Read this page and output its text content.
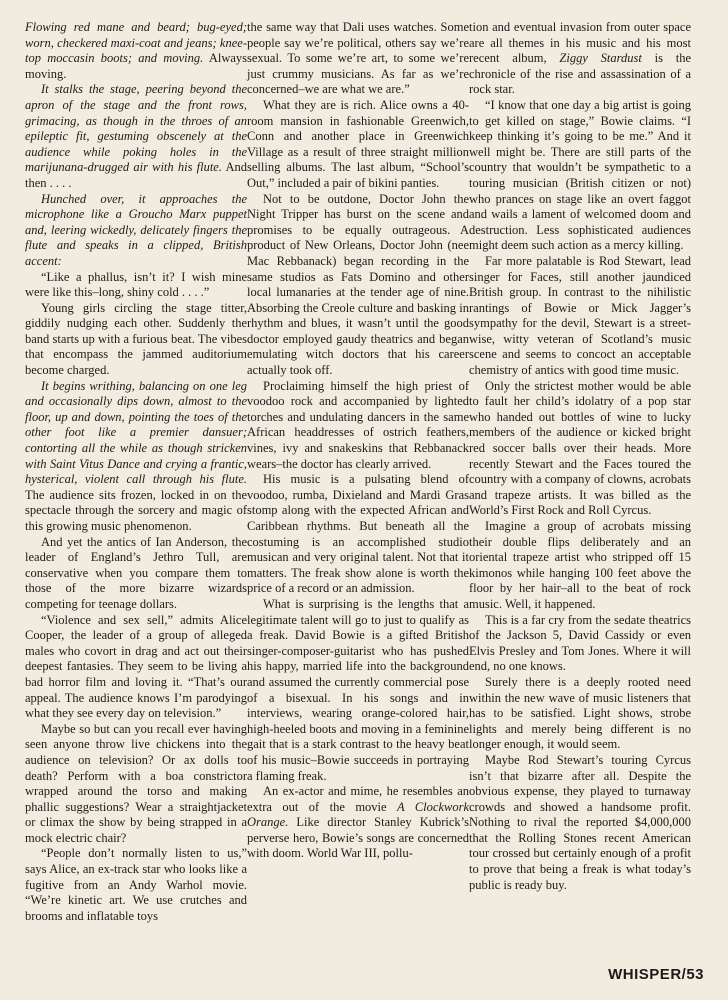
Flowing red mane and beard; bug-eyed; worn, checkered maxi-coat and jeans; knee-top moccasin boots; and moving. Always moving.

It stalks the stage, peering beyond the apron of the stage and the front rows, grimacing, as though in the throes of an epileptic fit, gestuming obscenely at the audience while poking holes in the marijunana-drugged air with his flute. And then . . . .

Hunched over, it approaches the microphone like a Groucho Marx puppet and, leering wickedly, delicately fingers the flute and speaks in a clipped, British accent:

“Like a phallus, isn’t it? I wish mine were like this–long, shiny cold . . . .”

Young girls circling the stage titter, giddily nudging each other. Suddenly the band starts up with a furious beat. The vibes that encompass the jammed auditorium become charged.

It begins writhing, balancing on one leg and occasionally dips down, almost to the floor, up and down, pointing the toes of the other foot like a premier dansuer; contorting all the while as though stricken with Saint Vitus Dance and crying a frantic, hysterical, violent call through his flute. The audience sits frozen, locked in on the spectacle through the sorcery and magic of this growing music phenomenon.

And yet the antics of Ian Anderson, the leader of England’s Jethro Tull, are conservative when you compare them to those of the more bizarre wizards competing for teenage dollars.

“Violence and sex sell,” admits Alice Cooper, the leader of a group of alleged males who covort in drag and act out their deepest fantasies. They seem to be living a bad horror film and loving it. “That’s our appeal. The audience knows I’m parodying what they see every day on television.”

Maybe so but can you recall ever having seen anyone throw live chickens into the audience on television? Or ax dolls to death? Perform with a boa constrictor wrapped around the torso and making phallic suggestions? Wear a straightjacket or climax the show by being strapped in a mock electric chair?

“People don’t normally listen to us,” says Alice, an ex-track star who looks like a fugitive from an Andy Warhol movie. “We’re kinetic art. We use crutches and brooms and inflatable toys

the same way that Dali uses watches. Some people say we’re political, others say we’re sexual. To some we’re art, to some we’re just crummy musicians. As far as we’re concerned–we are what we are.”

What they are is rich. Alice owns a 40-room mansion in fashionable Greenwich, Conn and another place in Greenwich Village as a result of three straight million selling albums. The last album, “School’s Out,” included a pair of bikini panties.

Not to be outdone, Doctor John the Night Tripper has burst on the scene and promises to be equally outrageous. A product of New Orleans, Doctor John (nee Mac Rebbanack) began recording in the same studios as Fats Domino and other local lumanaries at the tender age of nine. Absorbing the Creole culture and basking in rhythm and blues, it wasn’t until the good doctor employed gaudy theatrics and began emulating witch doctors that his career actually took off.

Proclaiming himself the high priest of voodoo rock and accompanied by lighted torches and undulating dancers in the same African headdresses of ostrich feathers, vines, ivy and snakeskins that Rebbanack wears–the doctor has clearly arrived.

His music is a pulsating blend of voodoo, rumba, Dixieland and Mardi Gras stomp along with the expected African and Caribbean rhythms. But beneath all the costuming is an accomplished studio musican and very original talent. Not that it matters. The freak show alone is worth the price of a record or an admission.

What is surprising is the lengths that a legitimate talent will go to just to qualify as a freak. David Bowie is a gifted British singer-composer-guitarist who has pushed his happy, married life into the background and assumed the currently commercial pose of a bisexual. In his songs and in interviews, wearing orange-colored hair, high-heeled boots and moving in a feminine gait that is a stark contrast to the heavy beat of his music–Bowie succeeds in portraying a flaming freak.

An ex-actor and mime, he resembles an extra out of the movie A Clockwork Orange. Like director Stanley Kubrick’s perverse hero, Bowie’s songs are concerned with doom. World War III, pollu-

tion and eventual invasion from outer space are all themes in his music and his most recent album, Ziggy Stardust is the chronicle of the rise and assassination of a rock star.

“I know that one day a big artist is going to get killed on stage,” Bowie claims. “I keep thinking it’s going to be me.” And it well might be. There are still parts of the country that wouldn’t be sympathetic to a touring musician (British citizen or not) who prances on stage like an overt faggot and wails a lament of welcomed doom and destruction. Less sophisticated audiences might deem such action as a mercy killing.

Far more palatable is Rod Stewart, lead singer for Faces, still another jaundiced British group. In contrast to the nihilistic rantings of Bowie or Mick Jagger’s sympathy for the devil, Stewart is a street-wise, witty veteran of Scotland’s music scene and seems to concoct an acceptable chemistry of antics with good time music.

Only the strictest mother would be able to fault her child’s idolatry of a pop star who handed out bottles of wine to lucky members of the audience or kicked bright red soccer balls over their heads. More recently Stewart and the Faces toured the country with a company of clowns, acrobats and trapeze artists. It was billed as the World’s First Rock and Roll Cyrcus.

Imagine a group of acrobats missing their double flips deliberately and an oriental trapeze artist who stripped off 15 kimonos while hanging 100 feet above the floor by her hair–all to the beat of rock music. Well, it happened.

This is a far cry from the sedate theatrics of the Jackson 5, David Cassidy or even Elvis Presley and Tom Jones. Where it will end, no one knows.

Surely there is a deeply rooted need within the new wave of music listeners that has to be satisfied. Light shows, strobe lights and merely being different is no longer enough, it would seem.

Maybe Rod Stewart’s touring Cyrcus isn’t that bizarre after all. Despite the obvious expense, they played to turnaway crowds and showed a handsome profit. Nothing to rival the reported $4,000,000 that the Rolling Stones recent American tour crossed but certainly enough of a profit to prove that being a freak is what today’s public is ready buy.

WHISPER/53
